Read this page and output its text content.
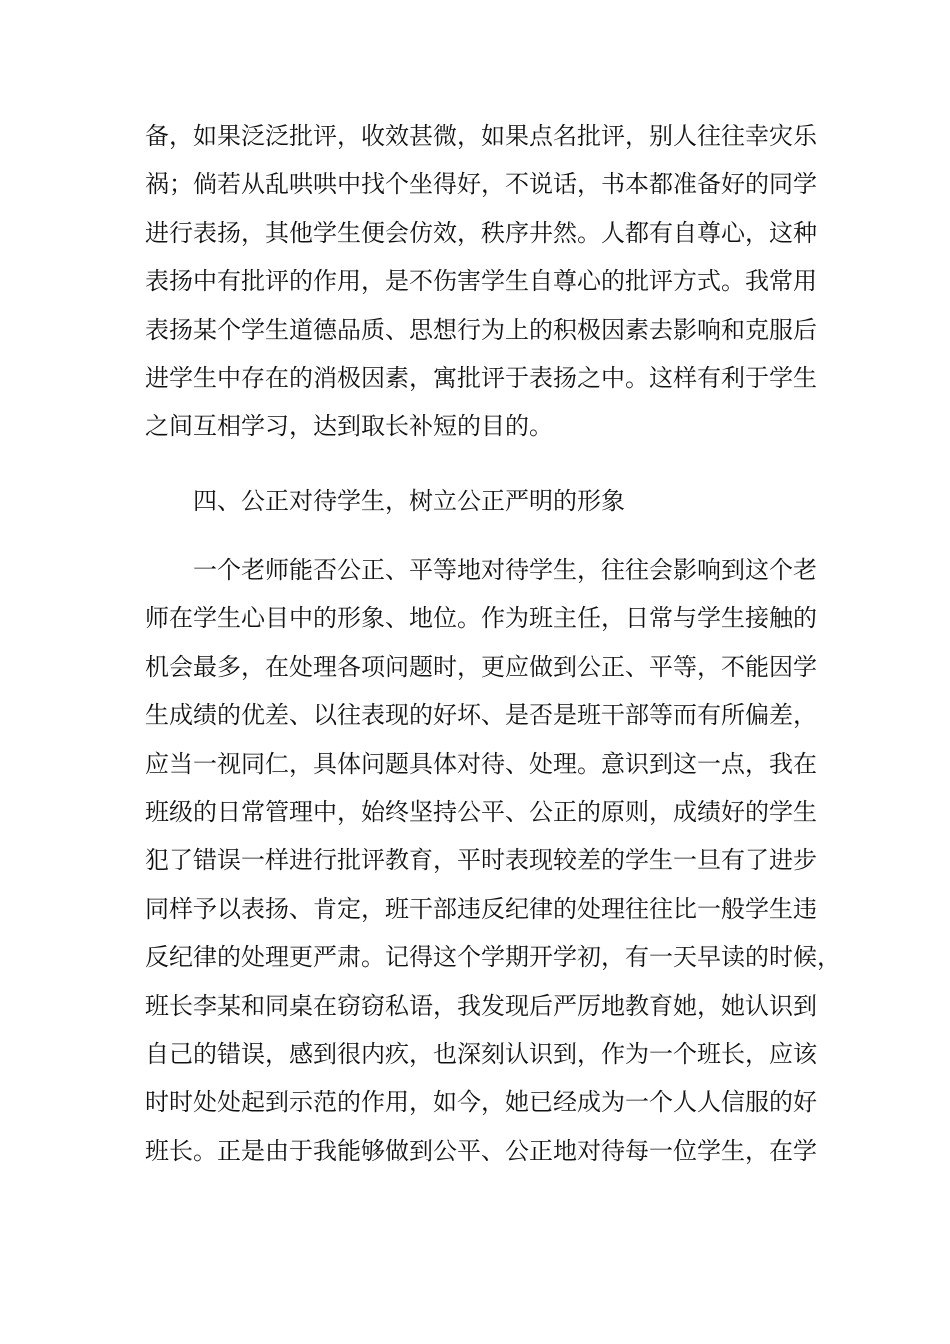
备，如果泛泛批评，收效甚微，如果点名批评，别人往往幸灾乐
祸；倘若从乱哄哄中找个坐得好，不说话，书本都准备好的同学
进行表扬，其他学生便会仿效，秩序井然。人都有自尊心，这种
表扬中有批评的作用，是不伤害学生自尊心的批评方式。我常用
表扬某个学生道德品质、思想行为上的积极因素去影响和克服后
进学生中存在的消极因素，寓批评于表扬之中。这样有利于学生
之间互相学习，达到取长补短的目的。
四、公正对待学生，树立公正严明的形象
一个老师能否公正、平等地对待学生，往往会影响到这个老
师在学生心目中的形象、地位。作为班主任，日常与学生接触的
机会最多，在处理各项问题时，更应做到公正、平等，不能因学
生成绩的优差、以往表现的好坏、是否是班干部等而有所偏差，
应当一视同仁，具体问题具体对待、处理。意识到这一点，我在
班级的日常管理中，始终坚持公平、公正的原则，成绩好的学生
犯了错误一样进行批评教育，平时表现较差的学生一旦有了进步
同样予以表扬、肯定，班干部违反纪律的处理往往比一般学生违
反纪律的处理更严肃。记得这个学期开学初，有一天早读的时候，
班长李某和同桌在窃窃私语，我发现后严厉地教育她，她认识到
自己的错误，感到很内疚，也深刻认识到，作为一个班长，应该
时时处处起到示范的作用，如今，她已经成为一个人人信服的好
班长。正是由于我能够做到公平、公正地对待每一位学生，在学
